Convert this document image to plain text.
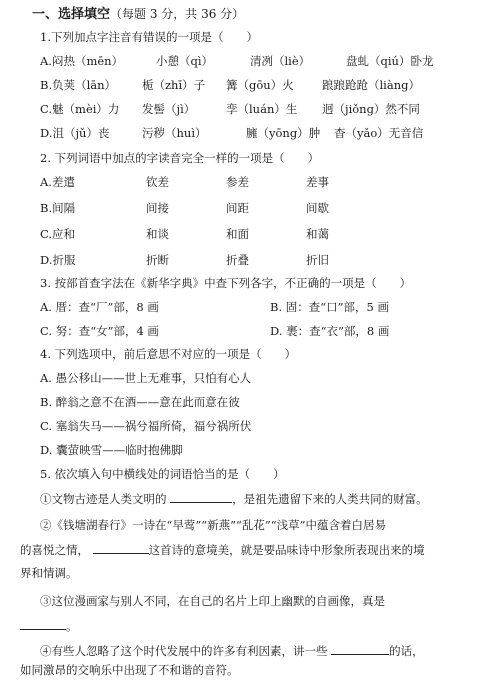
一、选择填空（每题 3 分，共 36 分）
1.下列加点字注音有错误的一项是（　　）
A.闷热（mēn）	小憩（qì）	清冽（liè）	盘虬（qiú）卧龙
B.负荚（lān） 栀（zhī）子 篝（gōu）火 踉踉跄跄（liàng）
C.魅（mèi）力 发髻（jì）	孪（luán）生 迥（jiǒng）然不同
D.沮（jǔ）丧	污秽（huì）	臃（yōng）肿 杳（yǎo）无音信
2. 下列词语中加点的字读音完全一样的一项是（　　）
A.差遣	钦差	参差	差事
B.间隔	间接	间距	间歇
C.应和	和谈	和面	和蔼
D.折服	折断	折叠	折旧
3. 按部首查字法在《新华字典》中查下列各字，不正确的一项是（　　）
A. 厝：查“厂”部，8 画	B. 固：查“口”部，5 画
C. 努：查“女”部，4 画	D. 裹：查“衣”部，8 画
4. 下列选项中，前后意思不对应的一项是（　　）
A. 愚公移山——世上无难事，只怕有心人
B. 醉翁之意不在酒——意在此而意在彼
C. 塞翁失马——祸兮福所倚，福兮祸所伏
D. 囊萤映雪——临时抱佛脚
5. 依次填入句中横线处的词语恰当的是（　　）
①文物古迹是人类文明的	，是祖先遗留下来的人类共同的财富。
②《钱塘湖春行》一诗在“早莺”“新燕”“乱花”“浅草”中蕴含着白居易
的喜悦之情，	这首诗的意境美，就是要品味诗中形象所表现出来的境
界和情调。
③这位漫画家与别人不同，在自己的名片上印上幽默的自画像，真是
。
④有些人忽略了这个时代发展中的许多有利因素，讲一些	的话，
如同激昂的交响乐中出现了不和谐的音符。
